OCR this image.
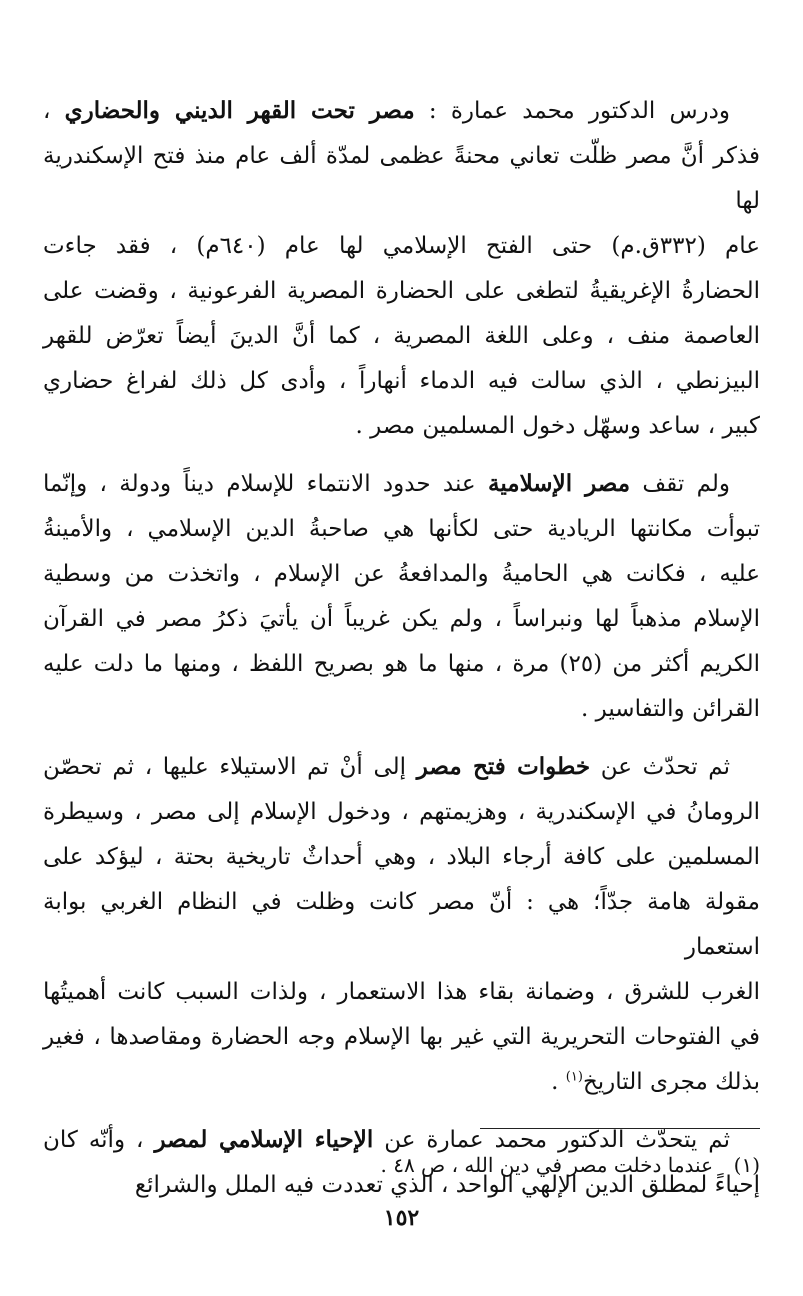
ودرس الدكتور محمد عمارة : مصر تحت القهر الديني والحضاري ،
فذكر أنَّ مصر ظلّت تعاني محنةً عظمى لمدّة ألف عام منذ فتح الإسكندرية لها
عام (٣٣٢ق.م) حتى الفتح الإسلامي لها عام (٦٤٠م) ، فقد جاءت
الحضارةُ الإغريقيةُ لتطغى على الحضارة المصرية الفرعونية ، وقضت على
العاصمة منف ، وعلى اللغة المصرية ، كما أنَّ الدينَ أيضاً تعرّض للقهر
البيزنطي ، الذي سالت فيه الدماء أنهاراً ، وأدى كل ذلك لفراغ حضاري
كبير ، ساعد وسهّل دخول المسلمين مصر .

ولم تقف مصر الإسلامية عند حدود الانتماء للإسلام ديناً ودولة ، وإنّما
تبوأت مكانتها الريادية حتى لكأنها هي صاحبةُ الدين الإسلامي ، والأمينةُ
عليه ، فكانت هي الحاميةُ والمدافعةُ عن الإسلام ، واتخذت من وسطية
الإسلام مذهباً لها ونبراساً ، ولم يكن غريباً أن يأتيَ ذكرُ مصر في القرآن
الكريم أكثر من (٢٥) مرة ، منها ما هو بصريح اللفظ ، ومنها ما دلت عليه
القرائن والتفاسير .

ثم تحدّث عن خطوات فتح مصر إلى أنْ تم الاستيلاء عليها ، ثم تحصّن
الرومانُ في الإسكندرية ، وهزيمتهم ، ودخول الإسلام إلى مصر ، وسيطرة
المسلمين على كافة أرجاء البلاد ، وهي أحداثٌ تاريخية بحتة ، ليؤكد على
مقولة هامة جدّاً؛ هي : أنّ مصر كانت وظلت في النظام الغربي بوابة استعمار
الغرب للشرق ، وضمانة بقاء هذا الاستعمار ، ولذات السبب كانت أهميتُها
في الفتوحات التحريرية التي غير بها الإسلام وجه الحضارة ومقاصدها ، فغير
بذلك مجرى التاريخ$^{(١)}$ .

ثم يتحدّث الدكتور محمد عمارة عن الإحياء الإسلامي لمصر ، وأنّه كان
إحياءً لمطلق الدين الإلهي الواحد ، الذي تعددت فيه الملل والشرائع

(١)
عندما دخلت مصر في دين الله ، ص ٤٨ .
١٥٢
